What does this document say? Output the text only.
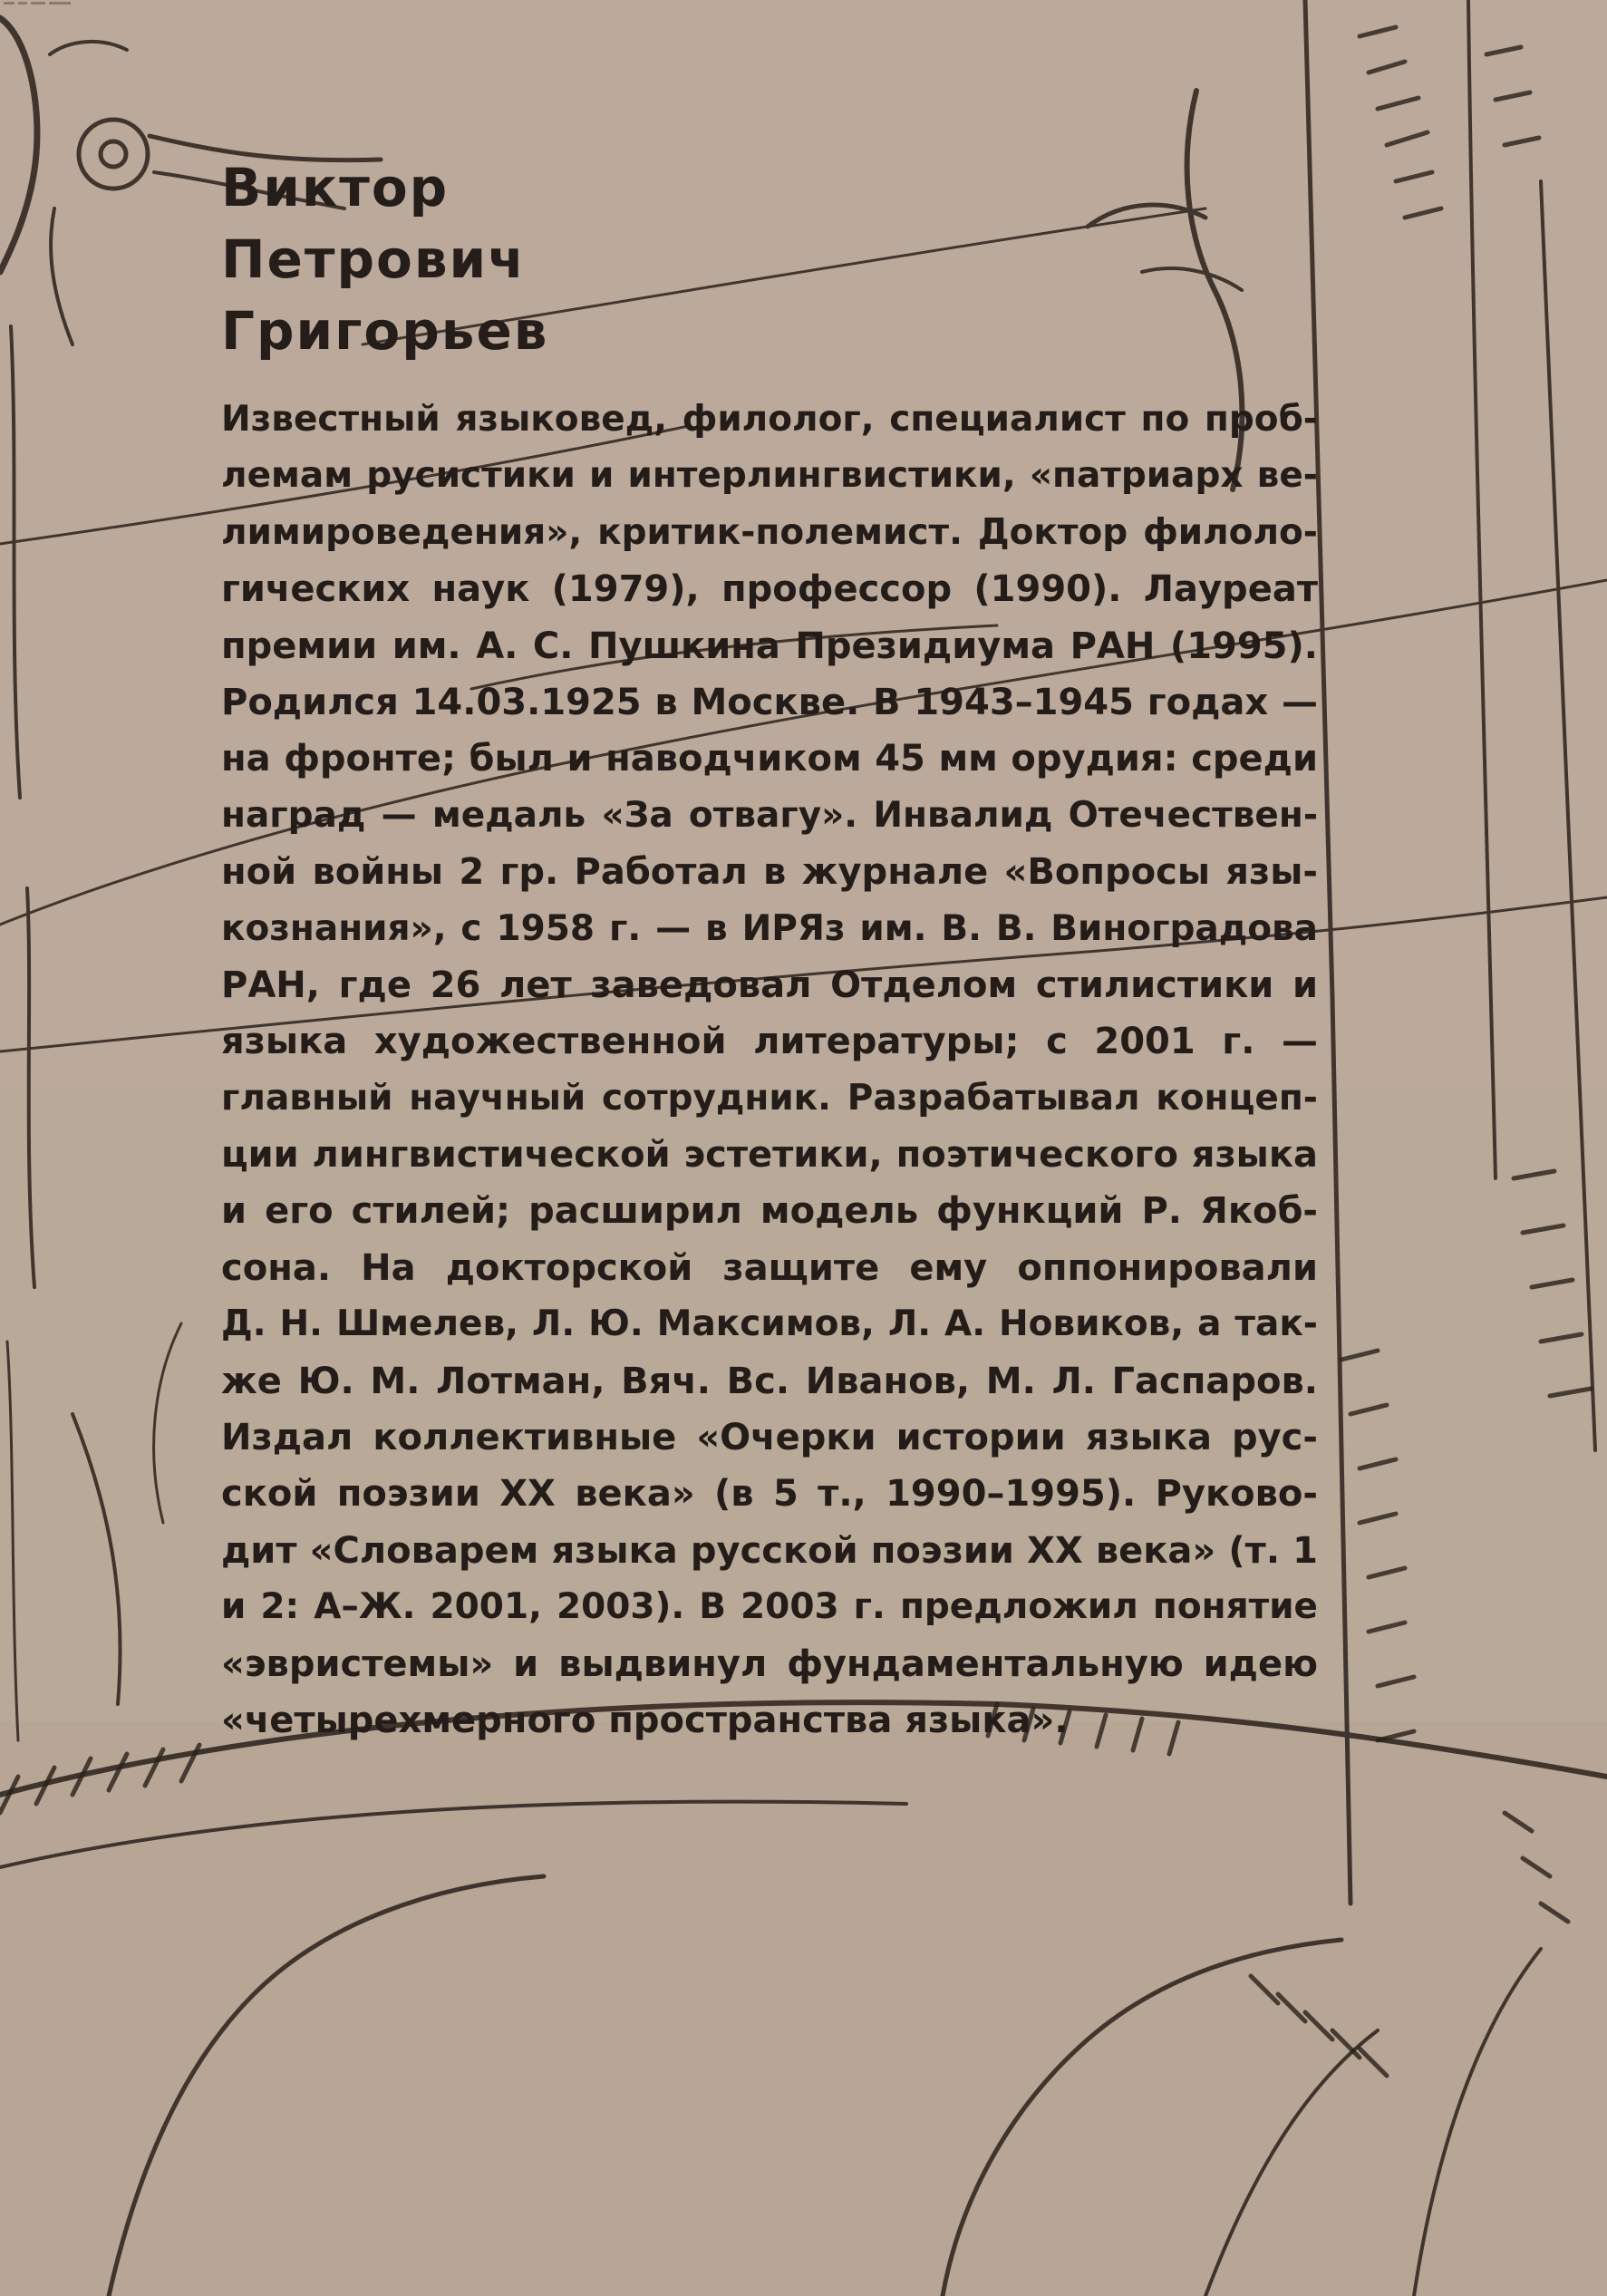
Виктор
Петрович
Григорьев
Известный языковед, филолог, специалист по проб-
лемам русистики и интерлингвистики, «патриарх ве-
лимироведения», критик-полемист. Доктор филоло-
гических наук (1979), профессор (1990). Лауреат
премии им. А. С. Пушкина Президиума РАН (1995).
Родился 14.03.1925 в Москве. В 1943–1945 годах —
на фронте; был и наводчиком 45 мм орудия: среди
наград — медаль «За отвагу». Инвалид Отечествен-
ной войны 2 гр. Работал в журнале «Вопросы язы-
кознания», с 1958 г. — в ИРЯз им. В. В. Виноградова
РАН, где 26 лет заведовал Отделом стилистики и
языка художественной литературы; с 2001 г. —
главный научный сотрудник. Разрабатывал концеп-
ции лингвистической эстетики, поэтического языка
и его стилей; расширил модель функций Р. Якоб-
сона. На докторской защите ему оппонировали
Д. Н. Шмелев, Л. Ю. Максимов, Л. А. Новиков, а так-
же Ю. М. Лотман, Вяч. Вс. Иванов, М. Л. Гаспаров.
Издал коллективные «Очерки истории языка рус-
ской поэзии XX века» (в 5 т., 1990–1995). Руково-
дит «Словарем языка русской поэзии XX века» (т. 1
и 2: А–Ж. 2001, 2003). В 2003 г. предложил понятие
«эвристемы» и выдвинул фундаментальную идею
«четырехмерного пространства языка».
